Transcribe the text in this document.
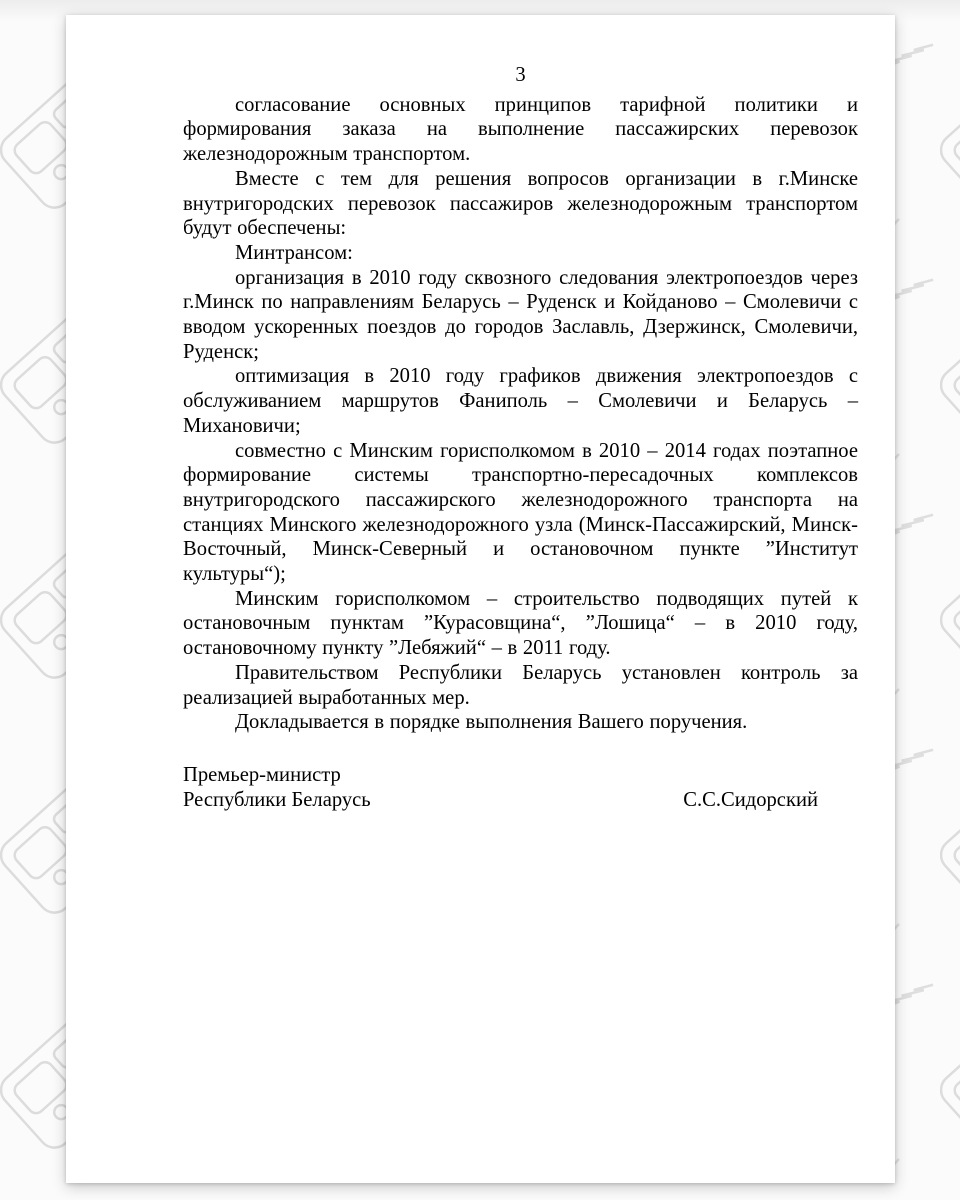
3

согласование основных принципов тарифной политики и формирования заказа на выполнение пассажирских перевозок железнодорожным транспортом.

Вместе с тем для решения вопросов организации в г.Минске внутригородских перевозок пассажиров железнодорожным транспортом будут обеспечены:

Минтрансом:

организация в 2010 году сквозного следования электропоездов через г.Минск по направлениям Беларусь – Руденск и Койданово – Смолевичи с вводом ускоренных поездов до городов Заславль, Дзержинск, Смолевичи, Руденск;

оптимизация в 2010 году графиков движения электропоездов с обслуживанием маршрутов Фаниполь – Смолевичи и Беларусь – Михановичи;

совместно с Минским горисполкомом в 2010 – 2014 годах поэтапное формирование системы транспортно-пересадочных комплексов внутригородского пассажирского железнодорожного транспорта на станциях Минского железнодорожного узла (Минск-Пассажирский, Минск-Восточный, Минск-Северный и остановочном пункте ”Институт культуры“);

Минским горисполкомом – строительство подводящих путей к остановочным пунктам ”Курасовщина“, ”Лошица“ – в 2010 году, остановочному пункту ”Лебяжий“ – в 2011 году.

Правительством Республики Беларусь установлен контроль за реализацией выработанных мер.

Докладывается в порядке выполнения Вашего поручения.

Премьер-министр
Республики Беларусь	С.С.Сидорский
